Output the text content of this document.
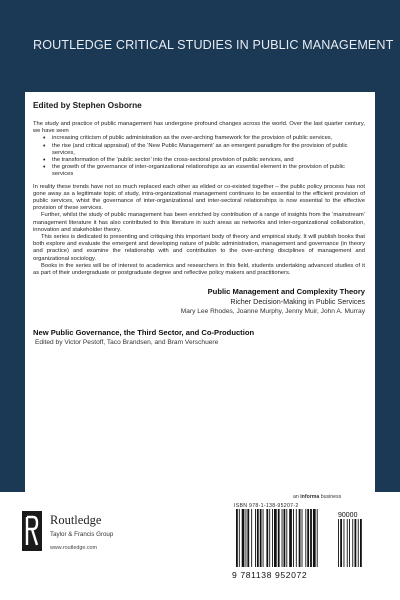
ROUTLEDGE CRITICAL STUDIES IN PUBLIC MANAGEMENT
Edited by Stephen Osborne

The study and practice of public management has undergone profound changes across the world. Over the last quarter century, we have seen

• increasing criticism of public administration as the over-arching framework for the provision of public services,
• the rise (and critical appraisal) of the ‘New Public Management’ as an emergent paradigm for the provision of public services,
• the transformation of the ‘public sector’ into the cross-sectoral provision of public services, and
• the growth of the governance of inter-organizational relationships as an essential element in the provision of public services

In reality these trends have not so much replaced each other as elided or co-existed together – the public policy process has not gone away as a legitimate topic of study, intra-organizational management continues to be essential to the efficient provision of public services, whist the governance of inter-organizational and inter-sectoral relationships is now essential to the effective provision of these services.

Further, whilst the study of public management has been enriched by contribution of a range of insights from the ‘mainstream’ management literature it has also contributed to this literature in such areas as networks and inter-organizational collaboration, innovation and stakeholder theory.

This series is dedicated to presenting and critiquing this important body of theory and empirical study. It will publish books that both explore and evaluate the emergent and developing nature of public administration, management and governance (in theory and practice) and examine the relationship with and contribution to the over-arching disciplines of management and organizational sociology.

Books in the series will be of interest to academics and researchers in this field, students undertaking advanced studies of it as part of their undergraduate or postgraduate degree and reflective policy makers and practitioners.

Public Management and Complexity Theory
Richer Decision-Making in Public Services
Mary Lee Rhodes, Joanne Murphy, Jenny Muir, John A. Murray
New Public Governance, the Third Sector, and Co-Production
Edited by Victor Pestoff, Taco Brandsen, and Bram Verschuere
Routledge
Taylor & Francis Group
www.routledge.com
an informa business
ISBN 978-1-138-95207-2
90000
9 781138 952072
